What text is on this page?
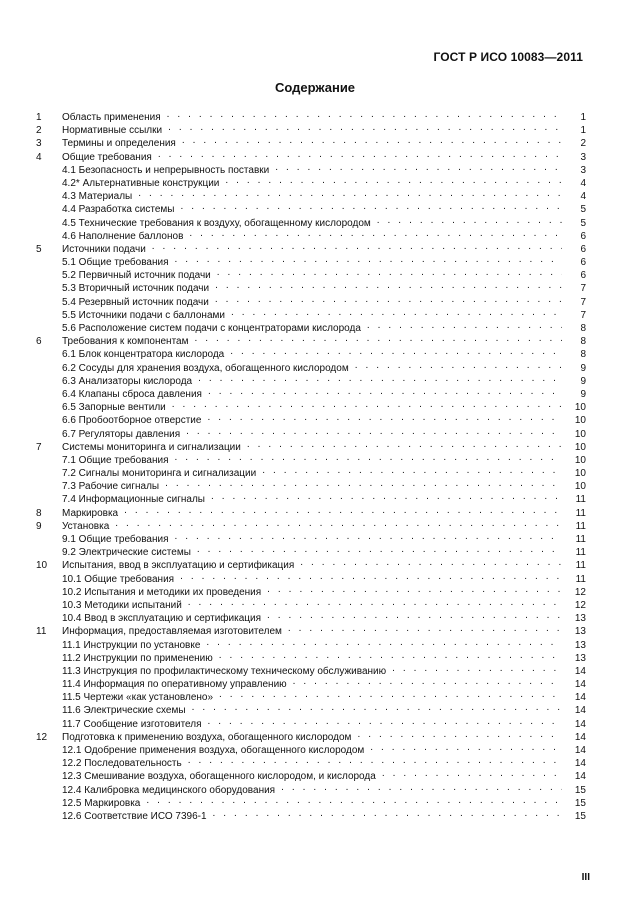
ГОСТ Р ИСО 10083—2011
Содержание
1	Область применения . . .	1
2	Нормативные ссылки . . .	1
3	Термины и определения . . .	2
4	Общие требования . . .	3
4.1 Безопасность и непрерывность поставки . . .	3
4.2* Альтернативные конструкции . . .	4
4.3 Материалы . . .	4
4.4 Разработка системы . . .	5
4.5 Технические требования к воздуху, обогащенному кислородом . . .	5
4.6 Наполнение баллонов . . .	6
5	Источники подачи . . .	6
5.1 Общие требования . . .	6
5.2 Первичный источник подачи . . .	6
5.3 Вторичный источник подачи . . .	7
5.4 Резервный источник подачи . . .	7
5.5 Источники подачи с баллонами . . .	7
5.6 Расположение систем подачи с концентраторами кислорода . . .	8
6	Требования к компонентам . . .	8
6.1 Блок концентратора кислорода . . .	8
6.2 Сосуды для хранения воздуха, обогащенного кислородом . . .	9
6.3 Анализаторы кислорода . . .	9
6.4 Клапаны сброса давления . . .	9
6.5 Запорные вентили . . .	10
6.6 Пробоотборное отверстие . . .	10
6.7 Регуляторы давления . . .	10
7	Системы мониторинга и сигнализации . . .	10
7.1 Общие требования . . .	10
7.2 Сигналы мониторинга и сигнализации . . .	10
7.3 Рабочие сигналы . . .	10
7.4 Информационные сигналы . . .	11
8	Маркировка . . .	11
9	Установка . . .	11
9.1 Общие требования . . .	11
9.2 Электрические системы . . .	11
10	Испытания, ввод в эксплуатацию и сертификация . . .	11
10.1 Общие требования . . .	11
10.2 Испытания и методики их проведения . . .	12
10.3 Методики испытаний . . .	12
10.4 Ввод в эксплуатацию и сертификация . . .	13
11	Информация, предоставляемая изготовителем . . .	13
11.1 Инструкции по установке . . .	13
11.2 Инструкции по применению . . .	13
11.3 Инструкция по профилактическому техническому обслуживанию . . .	14
11.4 Информация по оперативному управлению . . .	14
11.5 Чертежи «как установлено» . . .	14
11.6 Электрические схемы . . .	14
11.7 Сообщение изготовителя . . .	14
12	Подготовка к применению воздуха, обогащенного кислородом . . .	14
12.1 Одобрение применения воздуха, обогащенного кислородом . . .	14
12.2 Последовательность . . .	14
12.3 Смешивание воздуха, обогащенного кислородом, и кислорода . . .	14
12.4 Калибровка медицинского оборудования . . .	15
12.5 Маркировка . . .	15
12.6 Соответствие ИСО 7396-1 . . .	15
III
